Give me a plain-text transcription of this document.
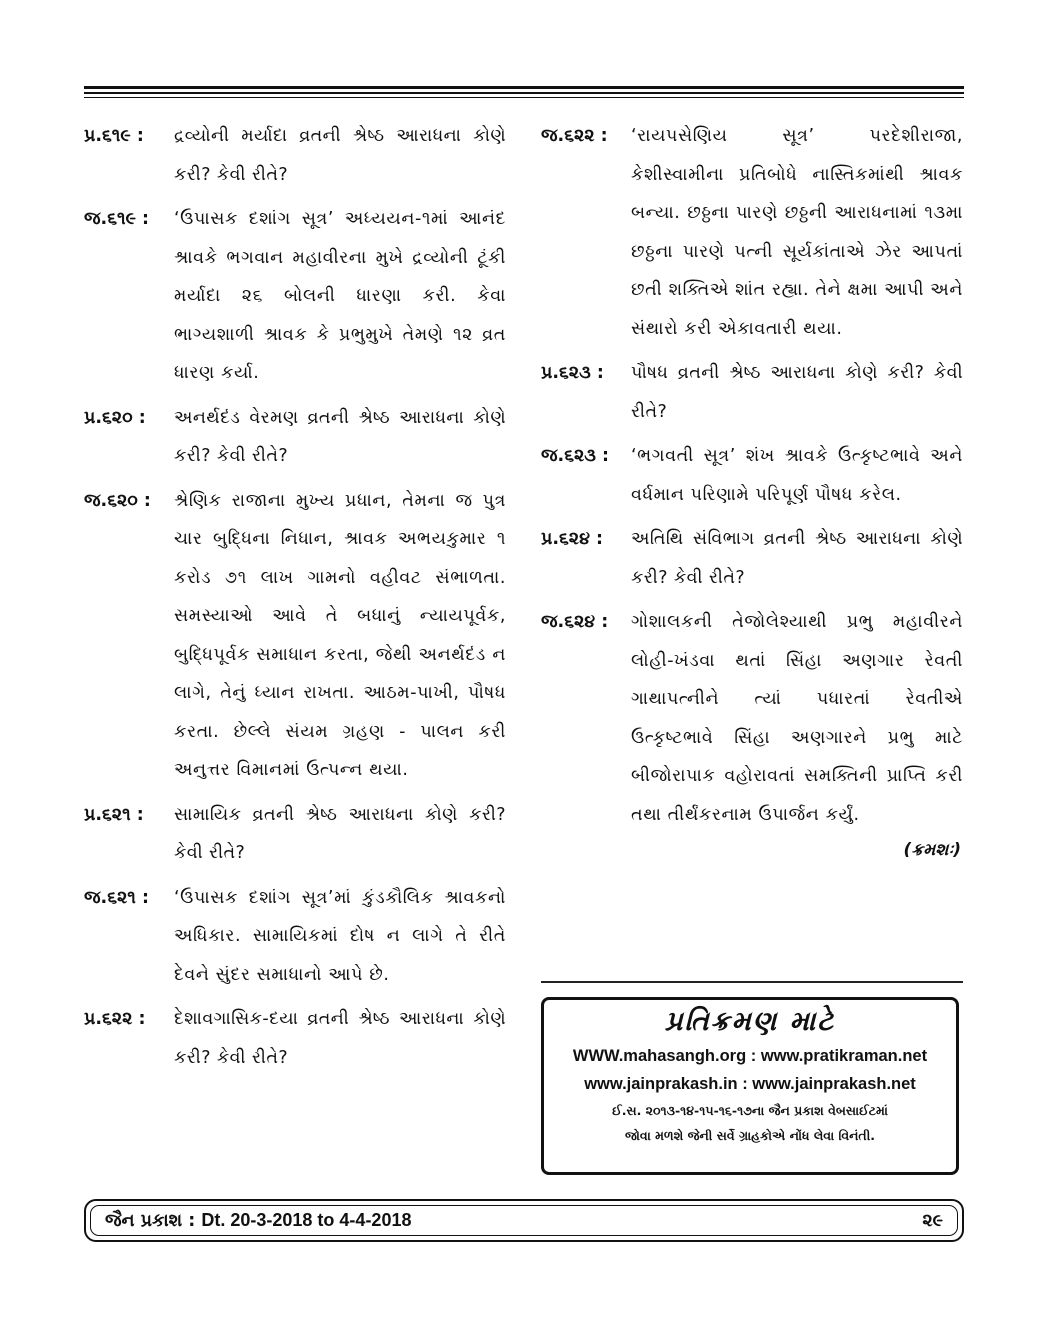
પ્ર.૬૧૯ :	દ્રવ્યોની મર્યાદા વ્રતની શ્રેષ્ઠ આરાધના કોણે કરી? કેવી રીતે?
જ.૬૧૯ :	‘ઉપાસક દશાંગ સૂત્ર’ અધ્યયન-૧માં આનંદ શ્રાવકે ભગવાન મહાવીરના મુખે દ્રવ્યોની ટૂંકી મર્યાદા ૨૬ બોલની ધારણા કરી. કેવા ભાગ્યશાળી શ્રાવક કે પ્રભુમુખે તેમણે ૧૨ વ્રત ધારણ કર્યા.
પ્ર.૬૨૦ :	અનર્થદંડ વેરમણ વ્રતની શ્રેષ્ઠ આરાધના કોણે કરી? કેવી રીતે?
જ.૬૨૦ :	શ્રેણિક રાજાના મુખ્ય પ્રધાન, તેમના જ પુત્ર ચાર બુદ્ધિના નિધાન, શ્રાવક અભયકુમાર ૧ કરોડ ૭૧ લાખ ગામનો વહીવટ સંભાળતા. સમસ્યાઓ આવે તે બધાનું ન્યાયપૂર્વક, બુદ્ધિપૂર્વક સમાધાન કરતા, જેથી અનર્થદંડ ન લાગે, તેનું ધ્યાન રાખતા. આઠમ-પાખી, પૌષધ કરતા. છેલ્લે સંયમ ગ્રહણ - પાલન કરી અનુત્તર વિમાનમાં ઉત્પન્ન થયા.
પ્ર.૬૨૧ :	સામાયિક વ્રતની શ્રેષ્ઠ આરાધના કોણે કરી? કેવી રીતે?
જ.૬૨૧ :	‘ઉપાસક દશાંગ સૂત્ર’માં કુંડકૌલિક શ્રાવકનો અધિકાર. સામાયિકમાં દોષ ન લાગે તે રીતે દેવને સુંદર સમાધાનો આપે છે.
પ્ર.૬૨૨ :	દેશાવગાસિક-દયા વ્રતની શ્રેષ્ઠ આરાધના કોણે કરી? કેવી રીતે?
જ.૬૨૨ :	‘રાયપસેણિય સૂત્ર’ પરદેશીરાજા, કેશીસ્વામીના પ્રતિબોધે નાસ્તિકમાંથી શ્રાવક બન્યા. છઠ્ઠના પારણે છઠ્ઠની આરાધનામાં ૧૩મા છઠ્ઠના પારણે પત્ની સૂર્યકાંતાએ ઝેર આપતાં છતી શક્તિએ શાંત રહ્યા. તેને ક્ષમા આપી અને સંથારો કરી એકાવતારી થયા.
પ્ર.૬૨૩ :	પૌષધ વ્રતની શ્રેષ્ઠ આરાધના કોણે કરી? કેવી રીતે?
જ.૬૨૩ :	‘ભગવતી સૂત્ર’ શંખ શ્રાવકે ઉત્કૃષ્ટભાવે અને વર્ધમાન પરિણામે પરિપૂર્ણ પૌષધ કરેલ.
પ્ર.૬૨૪ :	અતિથિ સંવિભાગ વ્રતની શ્રેષ્ઠ આરાધના કોણે કરી? કેવી રીતે?
જ.૬૨૪ :	ગોશાલકની તેજોલેશ્યાથી પ્રભુ મહાવીરને લોહી-ખંડવા થતાં સિંહા અણગાર રેવતી ગાથાપત્નીને ત્યાં પધારતાં રેવતીએ ઉત્કૃષ્ટભાવે સિંહા અણગારને પ્રભુ માટે બીજોરાપાક વહોરાવતાં સમક્તિની પ્રાપ્તિ કરી તથા તીર્થંકરનામ ઉપાર્જન કર્યું.
(ક્રમશઃ)
પ્રતિક્રમણ માટે
WWW.mahasangh.org : www.pratikraman.net
www.jainprakash.in : www.jainprakash.net
ઈ.સ. ૨૦૧૩-૧૪-૧૫-૧૬-૧૭ના જૈન પ્રકાશ વેબસાઈટમાં
જોવા મળશે જેની સર્વે ગ્રાહકોએ નોંધ લેવા વિનંતી.
જૈન પ્રકાશ : Dt. 20-3-2018 to 4-4-2018	૨૯
